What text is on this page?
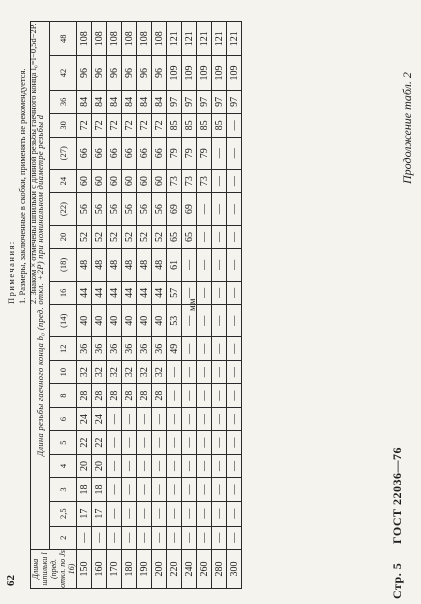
Стр. 5
ГОСТ 22036—76
Продолжение табл. 2
мм
62
Длина шпильки l (пред. откл. по Js 16)	Длина резьбы гаечного конца b₀ (пред. откл. +2P) при номинальном диаметре резьбы d																			
	2	2,5	3	4	5	6	8	10	12	(14)	16	(18)	20	(22)	24	(27)	30	36	42	48
150	—	17	18	20	22	24	28	32	36	40	44	48	52	56	60	66	72	84	96	108
160	—	17	18	20	22	24	28	32	36	40	44	48	52	56	60	66	72	84	96	108
170	—	—	—	—	—	—	28	32	36	40	44	48	52	56	60	66	72	84	96	108
180	—	—	—	—	—	—	28	32	36	40	44	48	52	56	60	66	72	84	96	108
190	—	—	—	—	—	—	28	32	36	40	44	48	52	56	60	66	72	84	96	108
200	—	—	—	—	—	—	28	32	36	40	44	48	52	56	60	66	72	84	96	108
220	—	—	—	—	—	—	—	—	49	53	57	61	65	69	73	79	85	97	109	121
240	—	—	—	—	—	—	—	—	—	—	—	—	65	69	73	79	85	97	109	121
260	—	—	—	—	—	—	—	—	—	—	—	—	—	—	73	79	85	97	109	121
280	—	—	—	—	—	—	—	—	—	—	—	—	—	—	—	—	85	97	109	121
300	—	—	—	—	—	—	—	—	—	—	—	—	—	—	—	—	—	97	109	121
Примечания: 1. Размеры, заключенные в скобки, применять не рекомендуется. 2. Знаком × отмечены шпильки с длиной резьбы гаечного конца l₀=l−0,5d−2P.
